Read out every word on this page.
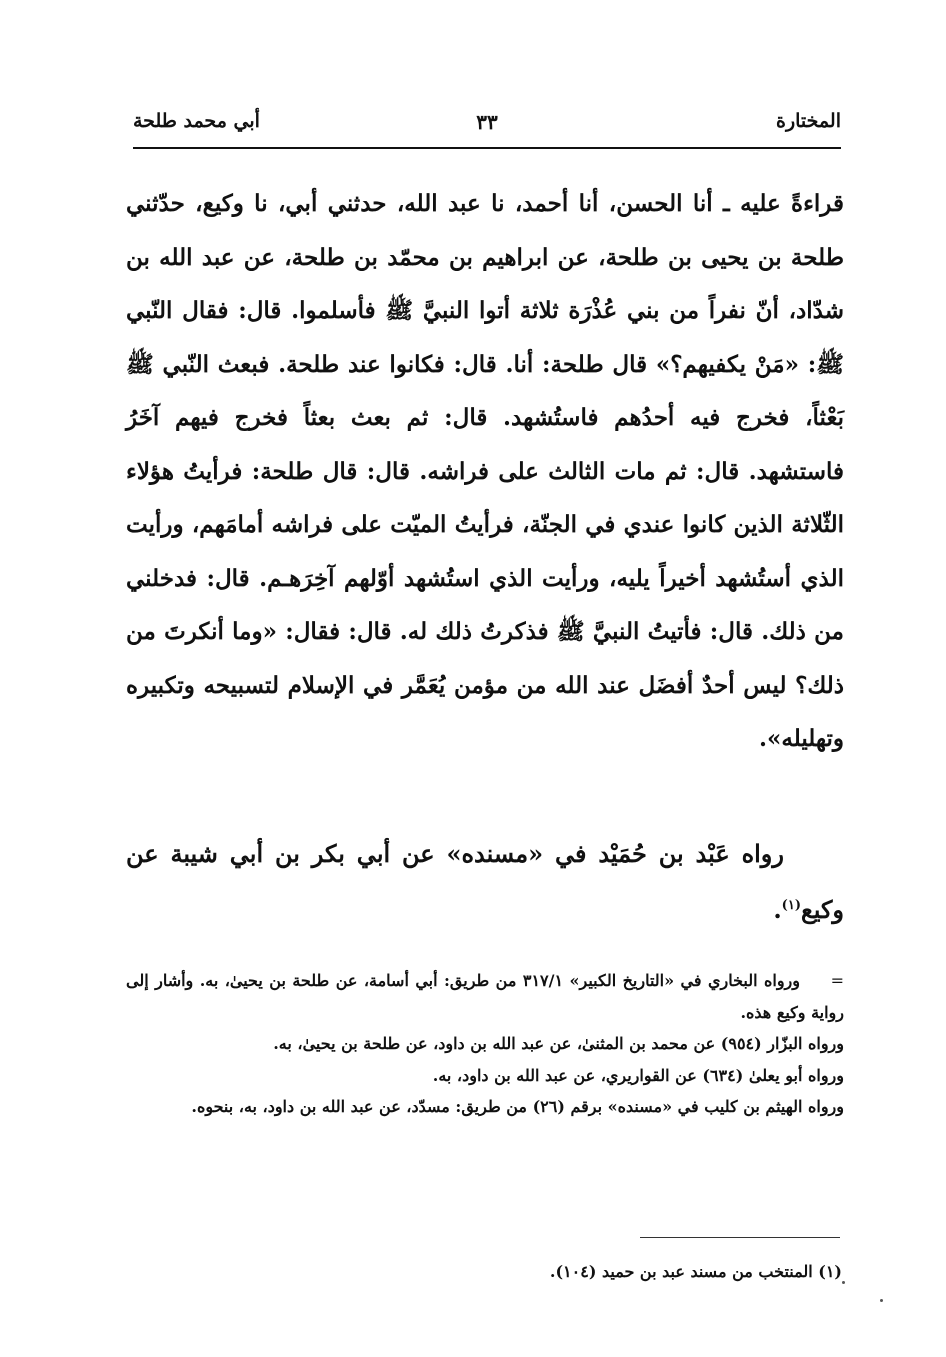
المختارة
٣٣
أبي محمد طلحة

قراءةً عليه ـ أنا الحسن، أنا أحمد، نا عبد الله، حدثني أبي، نا وكيع، حدّثني طلحة بن يحيى بن طلحة، عن ابراهيم بن محمّد بن طلحة، عن عبد الله بن شدّاد، أنّ نفراً من بني عُذْرَة ثلاثة أتوا النبيَّ ﷺ فأسلموا. قال: فقال النّبي ﷺ: «مَنْ يكفيهم؟» قال طلحة: أنا. قال: فكانوا عند طلحة. فبعث النّبي ﷺ بَعْثاً، فخرج فيه أحدُهم فاستُشهد. قال: ثم بعث بعثاً فخرج فيهم آخَرُ فاستشهد. قال: ثم مات الثالث على فراشه. قال: قال طلحة: فرأيتُ هؤلاء الثّلاثة الذين كانوا عندي في الجنّة، فرأيتُ الميّت على فراشه أمامَهم، ورأيت الذي أستُشهد أخيراً يليه، ورأيت الذي استُشهد أوّلهم آخِرَهـم. قال: فدخلني من ذلك. قال: فأتيتُ النبيَّ ﷺ فذكرتُ ذلك له. قال: فقال: «وما أنكرتَ من ذلك؟ ليس أحدٌ أفضَل عند الله من مؤمن يُعَمَّر في الإسلام لتسبيحه وتكبيره وتهليله».

رواه عَبْد بن حُمَيْد في «مسنده» عن أبي بكر بن أبي شيبة عن وكيع$^{(١)}$.

=ورواه البخاري في «التاريخ الكبير» ٣١٧/١ من طريق: أبي أسامة، عن طلحة بن يحيىٰ، به. وأشار إلى رواية وكيع هذه.

ورواه البزّار (٩٥٤) عن محمد بن المثنىٰ، عن عبد الله بن داود، عن طلحة بن يحيىٰ، به.

ورواه أبو يعلىٰ (٦٣٤) عن القواريري، عن عبد الله بن داود، به.

ورواه الهيثم بن كليب في «مسنده» برقم (٢٦) من طريق: مسدّد، عن عبد الله بن داود، به، بنحوه.

(١) المنتخب من مسند عبد بن حميد (١٠٤).
